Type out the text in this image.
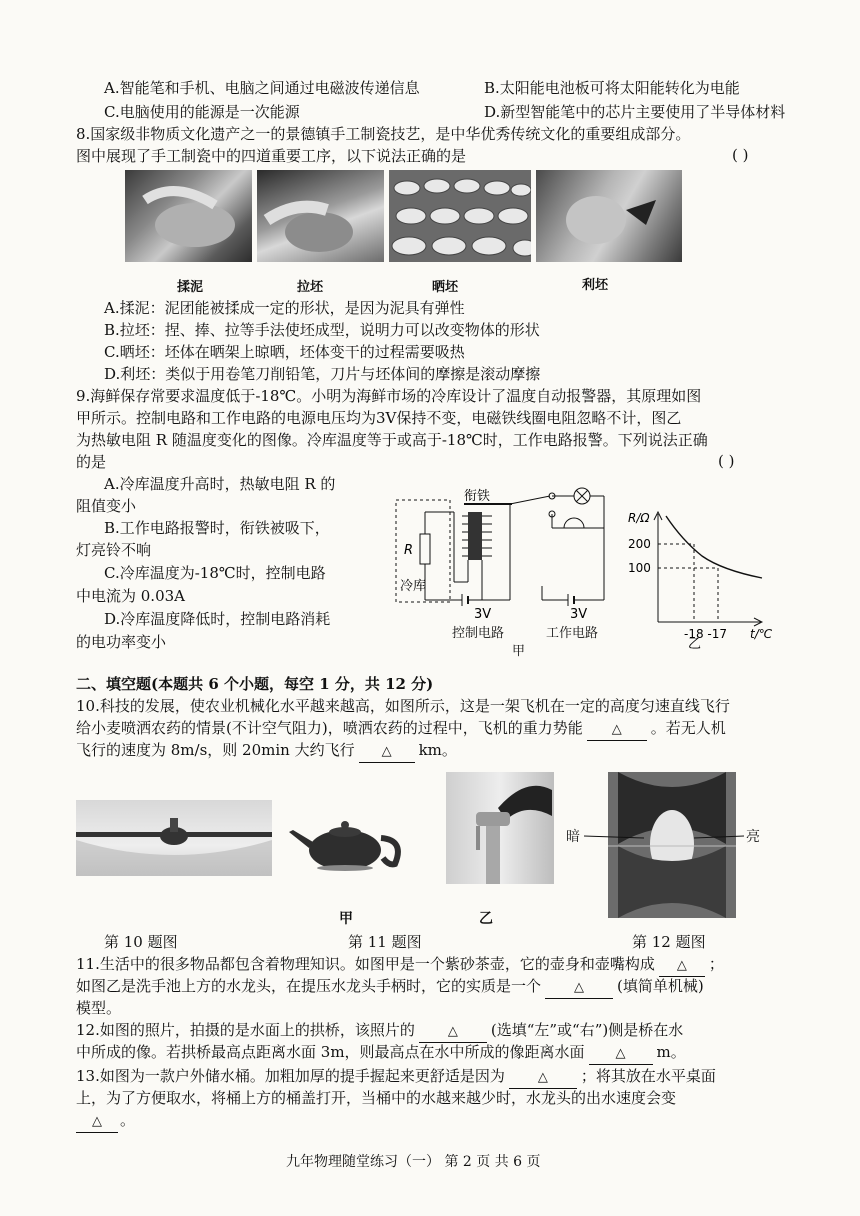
A.智能笔和手机、电脑之间通过电磁波传递信息	B.太阳能电池板可将太阳能转化为电能
C.电脑使用的能源是一次能源	D.新型智能笔中的芯片主要使用了半导体材料
8.国家级非物质文化遗产之一的景德镇手工制瓷技艺，是中华优秀传统文化的重要组成部分。
图中展现了手工制瓷中的四道重要工序，以下说法正确的是	( )
揉泥	拉坯	晒坯	利坯
A.揉泥：泥团能被揉成一定的形状，是因为泥具有弹性
B.拉坯：捏、捧、拉等手法使坯成型，说明力可以改变物体的形状
C.晒坯：坯体在晒架上晾晒，坯体变干的过程需要吸热
D.利坯：类似于用卷笔刀削铅笔，刀片与坯体间的摩擦是滚动摩擦
9.海鲜保存常要求温度低于-18℃。小明为海鲜市场的冷库设计了温度自动报警器，其原理如图
甲所示。控制电路和工作电路的电源电压均为3V保持不变，电磁铁线圈电阻忽略不计，图乙
为热敏电阻 R 随温度变化的图像。冷库温度等于或高于-18℃时，工作电路报警。下列说法正确
的是	( )
A.冷库温度升高时，热敏电阻 R 的
阻值变小
B.工作电路报警时，衔铁被吸下，
灯亮铃不响
C.冷库温度为-18℃时，控制电路
中电流为 0.03A
D.冷库温度降低时，控制电路消耗
的电功率变小
R
冷库
3V
衔铁
3V
控制电路	工作电路
甲
R/Ω
t/℃
200
100
-18 -17
乙
二、填空题(本题共 6 个小题，每空 1 分，共 12 分)
10.科技的发展，使农业机械化水平越来越高，如图所示，这是一架飞机在一定的高度匀速直线飞行
给小麦喷洒农药的情景(不计空气阻力)，喷洒农药的过程中，飞机的重力势能 △ 。若无人机
飞行的速度为 8m/s，则 20min 大约飞行 △ km。
暗	亮
甲	乙
第 10 题图	第 11 题图	第 12 题图
11.生活中的很多物品都包含着物理知识。如图甲是一个紫砂茶壶，它的壶身和壶嘴构成 △ ；
如图乙是洗手池上方的水龙头，在提压水龙头手柄时，它的实质是一个	△ (填简单机械)
模型。
12.如图的照片，拍摄的是水面上的拱桥，该照片的	△ (选填“左”或“右”)侧是桥在水
中所成的像。若拱桥最高点距离水面 3m，则最高点在水中所成的像距离水面 △ m。
13.如图为一款户外储水桶。加粗加厚的提手握起来更舒适是因为	△ ；将其放在水平桌面
上，为了方便取水，将桶上方的桶盖打开，当桶中的水越来越少时，水龙头的出水速度会变
△ 。
九年物理随堂练习（一） 第 2 页 共 6 页
